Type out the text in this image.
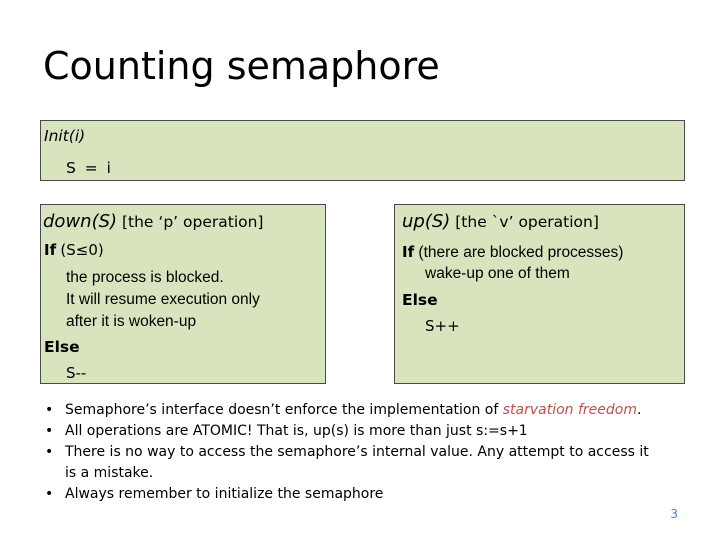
Counting semaphore
Init(i)
S = i
down(S) [the ‘p’ operation]
If (S≤0)
the process is blocked.
It will resume execution only
after it is woken-up
Else
S--
up(S) [the `v’ operation]
If (there are blocked processes)
wake-up one of them
Else
S++
• Semaphore’s interface doesn’t enforce the implementation of starvation freedom.
• All operations are ATOMIC! That is, up(s) is more than just s:=s+1
• There is no way to access the semaphore’s internal value. Any attempt to access it
is a mistake.
• Always remember to initialize the semaphore
3
